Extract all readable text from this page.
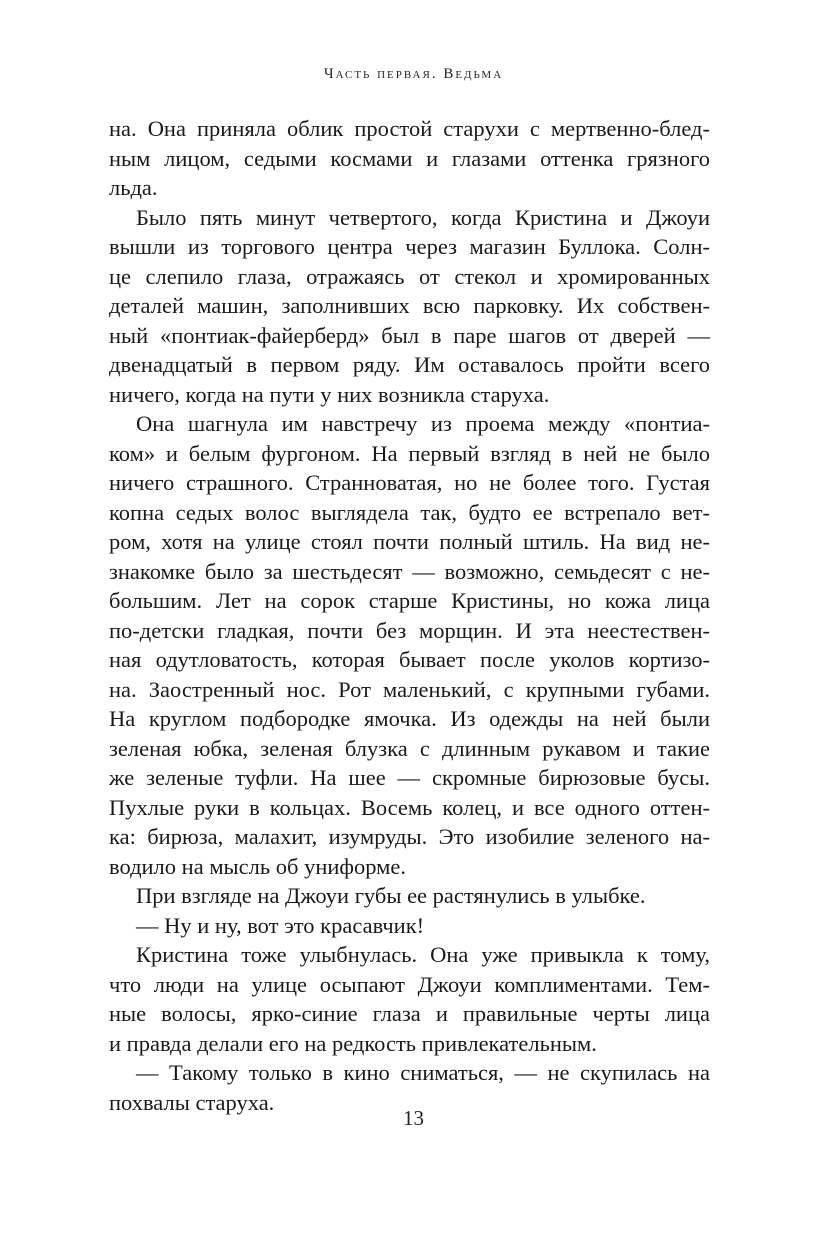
Часть первая. Ведьма
на. Она приняла облик простой старухи с мертвенно-блед-
ным лицом, седыми космами и глазами оттенка грязного
льда.
Было пять минут четвертого, когда Кристина и Джоуи
вышли из торгового центра через магазин Буллока. Солн-
це слепило глаза, отражаясь от стекол и хромированных
деталей машин, заполнивших всю парковку. Их собствен-
ный «понтиак-файерберд» был в паре шагов от дверей —
двенадцатый в первом ряду. Им оставалось пройти всего
ничего, когда на пути у них возникла старуха.
Она шагнула им навстречу из проема между «понтиа-
ком» и белым фургоном. На первый взгляд в ней не было
ничего страшного. Странноватая, но не более того. Густая
копна седых волос выглядела так, будто ее встрепало вет-
ром, хотя на улице стоял почти полный штиль. На вид не-
знакомке было за шестьдесят — возможно, семьдесят с не-
большим. Лет на сорок старше Кристины, но кожа лица
по-детски гладкая, почти без морщин. И эта неестествен-
ная одутловатость, которая бывает после уколов кортизо-
на. Заостренный нос. Рот маленький, с крупными губами.
На круглом подбородке ямочка. Из одежды на ней были
зеленая юбка, зеленая блузка с длинным рукавом и такие
же зеленые туфли. На шее — скромные бирюзовые бусы.
Пухлые руки в кольцах. Восемь колец, и все одного оттен-
ка: бирюза, малахит, изумруды. Это изобилие зеленого на-
водило на мысль об униформе.
При взгляде на Джоуи губы ее растянулись в улыбке.
— Ну и ну, вот это красавчик!
Кристина тоже улыбнулась. Она уже привыкла к тому,
что люди на улице осыпают Джоуи комплиментами. Тем-
ные волосы, ярко-синие глаза и правильные черты лица
и правда делали его на редкость привлекательным.
— Такому только в кино сниматься, — не скупилась на
похвалы старуха.
13
